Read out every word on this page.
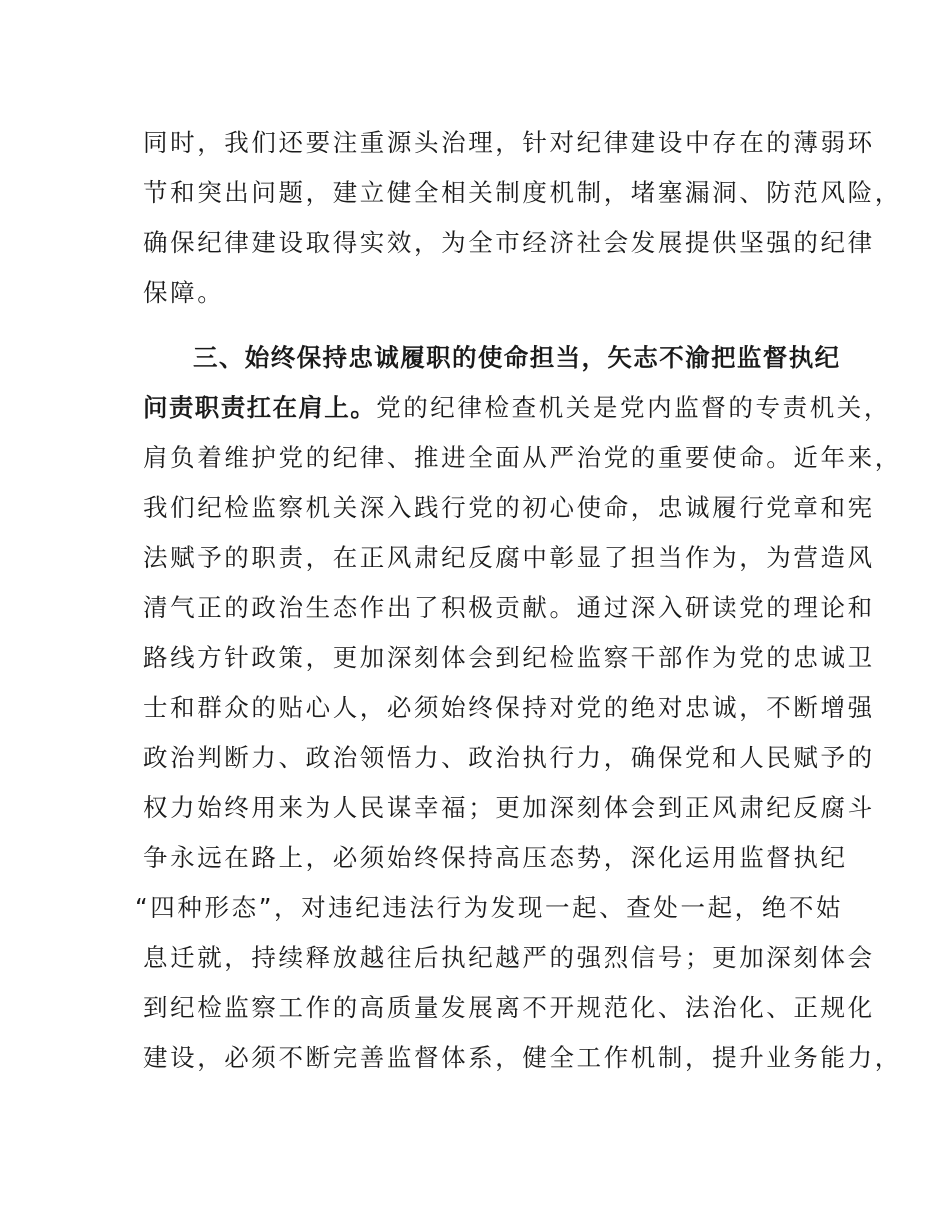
同时，我们还要注重源头治理，针对纪律建设中存在的薄弱环
节和突出问题，建立健全相关制度机制，堵塞漏洞、防范风险，
确保纪律建设取得实效，为全市经济社会发展提供坚强的纪律
保障。
三、始终保持忠诚履职的使命担当，矢志不渝把监督执纪
问责职责扛在肩上。党的纪律检查机关是党内监督的专责机关，
肩负着维护党的纪律、推进全面从严治党的重要使命。近年来，
我们纪检监察机关深入践行党的初心使命，忠诚履行党章和宪
法赋予的职责，在正风肃纪反腐中彰显了担当作为，为营造风
清气正的政治生态作出了积极贡献。通过深入研读党的理论和
路线方针政策，更加深刻体会到纪检监察干部作为党的忠诚卫
士和群众的贴心人，必须始终保持对党的绝对忠诚，不断增强
政治判断力、政治领悟力、政治执行力，确保党和人民赋予的
权力始终用来为人民谋幸福；更加深刻体会到正风肃纪反腐斗
争永远在路上，必须始终保持高压态势，深化运用监督执纪
“四种形态”，对违纪违法行为发现一起、查处一起，绝不姑
息迁就，持续释放越往后执纪越严的强烈信号；更加深刻体会
到纪检监察工作的高质量发展离不开规范化、法治化、正规化
建设，必须不断完善监督体系，健全工作机制，提升业务能力，
